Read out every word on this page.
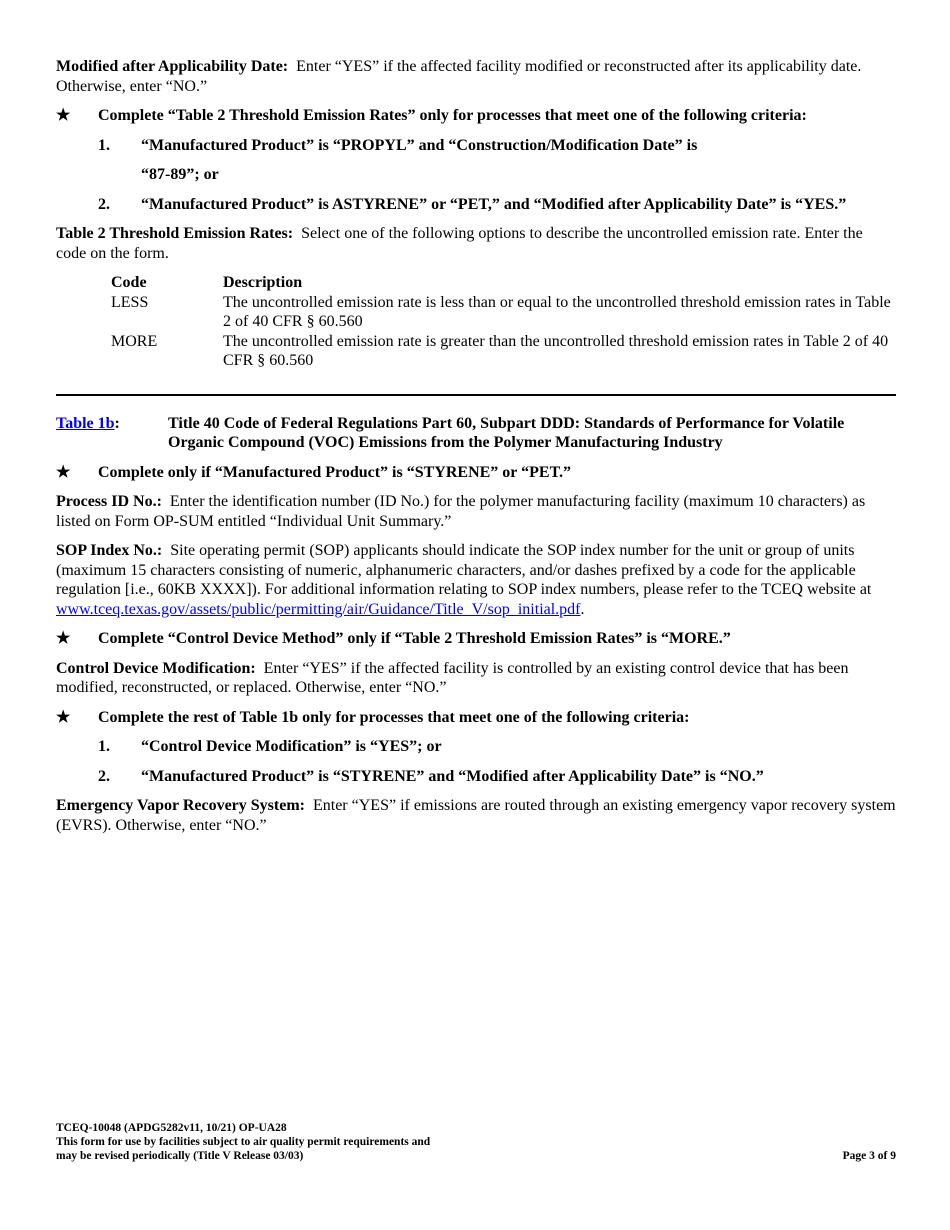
Modified after Applicability Date: Enter “YES” if the affected facility modified or reconstructed after its applicability date. Otherwise, enter “NO.”

★	Complete “Table 2 Threshold Emission Rates” only for processes that meet one of the following criteria:
1. “Manufactured Product” is “PROPYL” and “Construction/Modification Date” is
“87-89”; or
2. “Manufactured Product” is ASTYRENE” or “PET,” and “Modified after Applicability Date” is “YES.”

Table 2 Threshold Emission Rates: Select one of the following options to describe the uncontrolled emission rate. Enter the code on the form.

Code	Description
LESS	The uncontrolled emission rate is less than or equal to the uncontrolled threshold emission rates in Table 2 of 40 CFR § 60.560
MORE	The uncontrolled emission rate is greater than the uncontrolled threshold emission rates in Table 2 of 40 CFR § 60.560
Table 1b:	Title 40 Code of Federal Regulations Part 60, Subpart DDD: Standards of Performance for Volatile Organic Compound (VOC) Emissions from the Polymer Manufacturing Industry
★	Complete only if “Manufactured Product” is “STYRENE” or “PET.”

Process ID No.: Enter the identification number (ID No.) for the polymer manufacturing facility (maximum 10 characters) as listed on Form OP-SUM entitled “Individual Unit Summary.”

SOP Index No.: Site operating permit (SOP) applicants should indicate the SOP index number for the unit or group of units (maximum 15 characters consisting of numeric, alphanumeric characters, and/or dashes prefixed by a code for the applicable regulation [i.e., 60KB XXXX]). For additional information relating to SOP index numbers, please refer to the TCEQ website at www.tceq.texas.gov/assets/public/permitting/air/Guidance/Title_V/sop_initial.pdf.

★	Complete “Control Device Method” only if “Table 2 Threshold Emission Rates” is “MORE.”

Control Device Modification: Enter “YES” if the affected facility is controlled by an existing control device that has been modified, reconstructed, or replaced. Otherwise, enter “NO.”

★	Complete the rest of Table 1b only for processes that meet one of the following criteria:
1. “Control Device Modification” is “YES”; or
2. “Manufactured Product” is “STYRENE” and “Modified after Applicability Date” is “NO.”

Emergency Vapor Recovery System: Enter “YES” if emissions are routed through an existing emergency vapor recovery system (EVRS). Otherwise, enter “NO.”

TCEQ-10048 (APDG5282v11, 10/21) OP-UA28
This form for use by facilities subject to air quality permit requirements and
may be revised periodically (Title V Release 03/03)	Page 3 of 9
